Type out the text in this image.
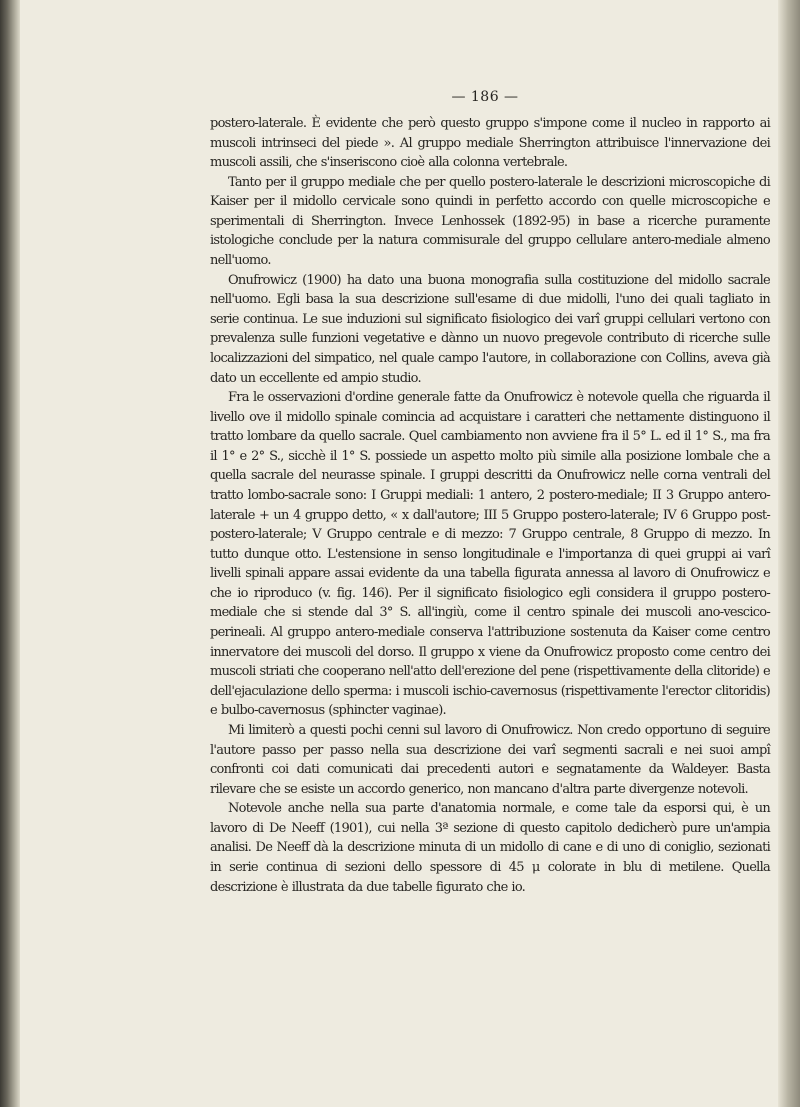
— 186 —

postero-laterale. È evidente che però questo gruppo s'impone come il nucleo in rapporto ai muscoli intrinseci del piede ». Al gruppo mediale Sherrington attribuisce l'innervazione dei muscoli assili, che s'inseriscono cioè alla colonna vertebrale.

Tanto per il gruppo mediale che per quello postero-laterale le descrizioni microscopiche di Kaiser per il midollo cervicale sono quindi in perfetto accordo con quelle microscopiche e sperimentali di Sherrington. Invece Lenhossek (1892-95) in base a ricerche puramente istologiche conclude per la natura commisurale del gruppo cellulare antero-mediale almeno nell'uomo.

Onufrowicz (1900) ha dato una buona monografia sulla costituzione del midollo sacrale nell'uomo. Egli basa la sua descrizione sull'esame di due midolli, l'uno dei quali tagliato in serie continua. Le sue induzioni sul significato fisiologico dei varî gruppi cellulari vertono con prevalenza sulle funzioni vegetative e dànno un nuovo pregevole contributo di ricerche sulle localizzazioni del simpatico, nel quale campo l'autore, in collaborazione con Collins, aveva già dato un eccellente ed ampio studio.

Fra le osservazioni d'ordine generale fatte da Onufrowicz è notevole quella che riguarda il livello ove il midollo spinale comincia ad acquistare i caratteri che nettamente distinguono il tratto lombare da quello sacrale. Quel cambiamento non avviene fra il 5° L. ed il 1° S., ma fra il 1° e 2° S., sicchè il 1° S. possiede un aspetto molto più simile alla posizione lombale che a quella sacrale del neurasse spinale. I gruppi descritti da Onufrowicz nelle corna ventrali del tratto lombo-sacrale sono: I Gruppi mediali: 1 antero, 2 postero-mediale; II 3 Gruppo antero-laterale + un 4 gruppo detto, « x dall'autore; III 5 Gruppo postero-laterale; IV 6 Gruppo post-postero-laterale; V Gruppo centrale e di mezzo: 7 Gruppo centrale, 8 Gruppo di mezzo. In tutto dunque otto. L'estensione in senso longitudinale e l'importanza di quei gruppi ai varî livelli spinali appare assai evidente da una tabella figurata annessa al lavoro di Onufrowicz e che io riproduco (v. fig. 146). Per il significato fisiologico egli considera il gruppo postero-mediale che si stende dal 3° S. all'ingiù, come il centro spinale dei muscoli ano-vescico-perineali. Al gruppo antero-mediale conserva l'attribuzione sostenuta da Kaiser come centro innervatore dei muscoli del dorso. Il gruppo x viene da Onufrowicz proposto come centro dei muscoli striati che cooperano nell'atto dell'erezione del pene (rispettivamente della clitoride) e dell'ejaculazione dello sperma: i muscoli ischio-cavernosus (rispettivamente l'erector clitoridis) e bulbo-cavernosus (sphincter vaginae).

Mi limiterò a questi pochi cenni sul lavoro di Onufrowicz. Non credo opportuno di seguire l'autore passo per passo nella sua descrizione dei varî segmenti sacrali e nei suoi ampî confronti coi dati comunicati dai precedenti autori e segnatamente da Waldeyer. Basta rilevare che se esiste un accordo generico, non mancano d'altra parte divergenze notevoli.

Notevole anche nella sua parte d'anatomia normale, e come tale da esporsi qui, è un lavoro di De Neeff (1901), cui nella 3ª sezione di questo capitolo dedicherò pure un'ampia analisi. De Neeff dà la descrizione minuta di un midollo di cane e di uno di coniglio, sezionati in serie continua di sezioni dello spessore di 45 μ colorate in blu di metilene. Quella descrizione è illustrata da due tabelle figurato che io.
